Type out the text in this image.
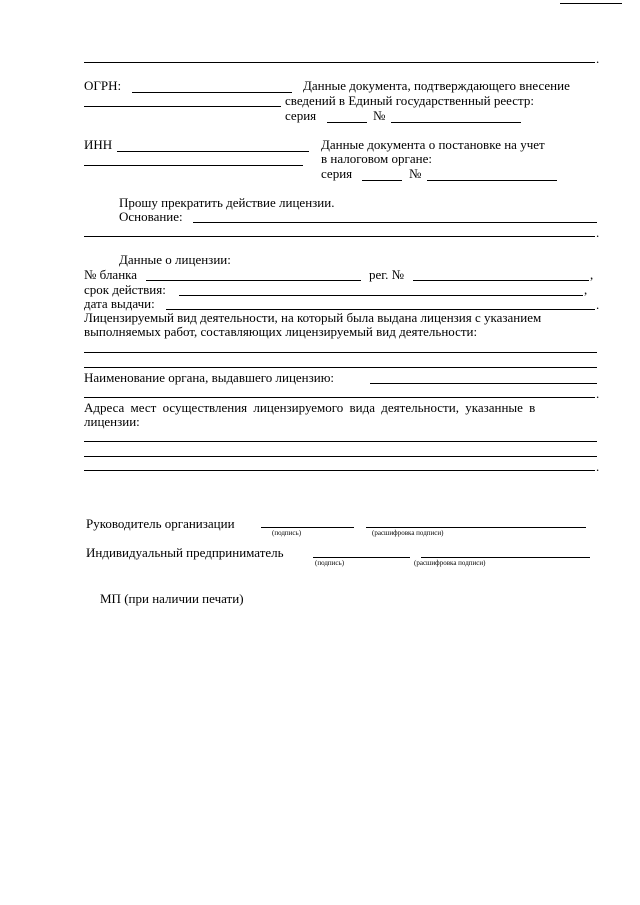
.
ОГРН:	Данные документа, подтверждающего внесение
сведений в Единый государственный реестр:
серия	№
ИНН	Данные документа о постановке на учет
в налоговом органе:
серия	№
Прошу прекратить действие лицензии.
Основание:
.
Данные о лицензии:
№ бланка	рег. №	,
срок действия:	,
дата выдачи:	.
Лицензируемый вид деятельности, на который была выдана лицензия с указанием
выполняемых работ, составляющих лицензируемый вид деятельности:
Наименование органа, выдавшего лицензию:
.
Адреса мест осуществления лицензируемого вида деятельности, указанные в
лицензии:
.
Руководитель организации
(подпись)	(расшифровка подписи)
Индивидуальный предприниматель
(подпись)	(расшифровка подписи)
МП (при наличии печати)
